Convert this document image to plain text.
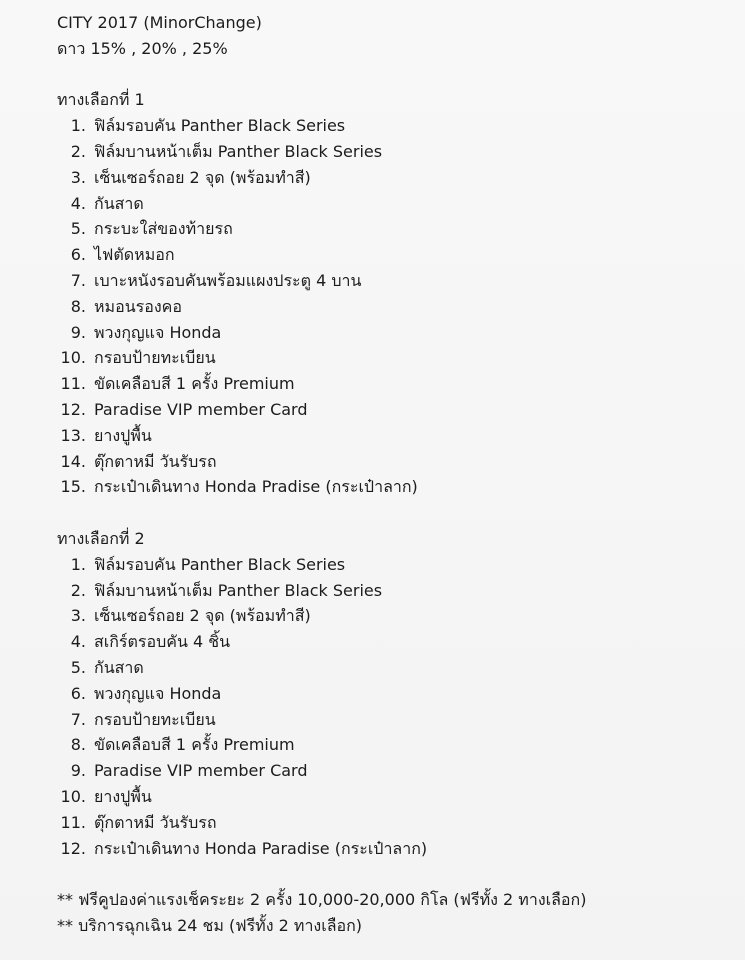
CITY 2017 (MinorChange)
ดาว 15% , 20% , 25%
ทางเลือกที่ 1
1. ฟิล์มรอบคัน Panther Black Series
2. ฟิล์มบานหน้าเต็ม Panther Black Series
3. เซ็นเซอร์ถอย 2 จุด (พร้อมทำสี)
4. กันสาด
5. กระบะใส่ของท้ายรถ
6. ไฟตัดหมอก
7. เบาะหนังรอบคันพร้อมแผงประตู 4 บาน
8. หมอนรองคอ
9. พวงกุญแจ Honda
10. กรอบป้ายทะเบียน
11. ขัดเคลือบสี 1 ครั้ง Premium
12. Paradise VIP member Card
13. ยางปูพื้น
14. ตุ๊กตาหมี วันรับรถ
15. กระเป๋าเดินทาง Honda Pradise (กระเป๋าลาก)
ทางเลือกที่ 2
1. ฟิล์มรอบคัน Panther Black Series
2. ฟิล์มบานหน้าเต็ม Panther Black Series
3. เซ็นเซอร์ถอย 2 จุด (พร้อมทำสี)
4. สเกิร์ตรอบคัน 4 ชิ้น
5. กันสาด
6. พวงกุญแจ Honda
7. กรอบป้ายทะเบียน
8. ขัดเคลือบสี 1 ครั้ง Premium
9. Paradise VIP member Card
10. ยางปูพื้น
11. ตุ๊กตาหมี วันรับรถ
12. กระเป๋าเดินทาง Honda Paradise (กระเป๋าลาก)
** ฟรีคูปองค่าแรงเช็คระยะ 2 ครั้ง 10,000-20,000 กิโล (ฟรีทั้ง 2 ทางเลือก)
** บริการฉุกเฉิน 24 ชม (ฟรีทั้ง 2 ทางเลือก)
